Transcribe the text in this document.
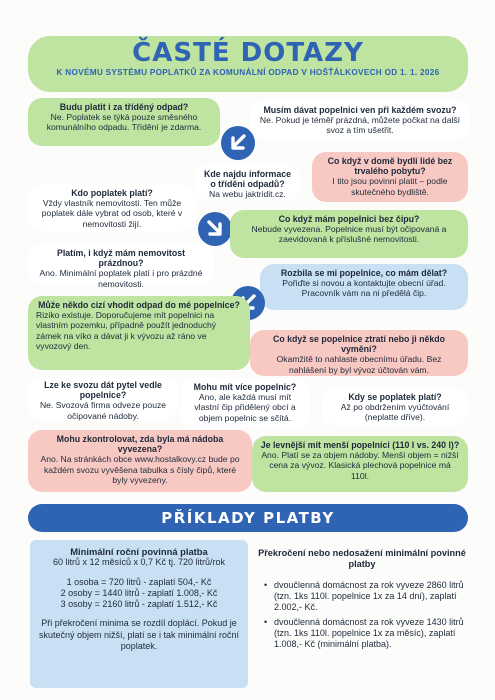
ČASTÉ DOTAZY
K NOVÉMU SYSTÉMU POPLATKŮ ZA KOMUNÁLNÍ ODPAD V HOŠŤÁLKOVECH OD 1. 1. 2026
Budu platit i za tříděný odpad?
Ne. Poplatek se týká pouze směsného komunálního odpadu. Třídění je zdarma.
Musím dávat popelnici ven při každém svozu?
Ne. Pokud je téměř prázdná, můžete počkat na další svoz a tím ušetřit.
Kde najdu informace o tříděni odpadů?
Na webu jaktridit.cz.
Co když v domě bydlí lidé bez trvalého pobytu?
I tito jsou povinni platit – podle skutečného bydliště.
Kdo poplatek platí?
Vždy vlastník nemovitosti. Ten může poplatek dále vybrat od osob, které v nemovitosti žijí.	Co když mám popelnici bez čipu?
Nebude vyvezena. Popelnice musí být očipovaná a zaevidovaná k příslušné nemovitosti.
Platím, i když mám nemovitost prázdnou?
Ano. Minimální poplatek platí i pro prázdné nemovitosti.
Rozbila se mi popelnice, co mám dělat?
Pořiďte si novou a kontaktujte obecní úřad. Pracovník vám na ni předělá čip.
Může někdo cizí vhodit odpad do mé popelnice?
Riziko existuje. Doporučujeme mít popelnici na vlastním pozemku, případně použít jednoduchý zámek na víko a dávat ji k vývozu až ráno ve vyvozový den.
Co když se popelnice ztratí nebo ji někdo vymění?
Okamžitě to nahlaste obecnímu úřadu. Bez nahlášení by byl vývoz účtován vám.
Lze ke svozu dát pytel vedle popelnice?
Ne. Svozová firma odveze pouze očipované nádoby.
Mohu mít více popelnic?
Ano, ale každá musí mít vlastní čip přidělený obcí a objem popelnic se sčítá.
Kdy se poplatek platí?
Až po obdržením vyúčtování (neplatte dříve).
Mohu zkontrolovat, zda byla má nádoba vyvezena?
Ano. Na stránkách obce www.hostalkovy.cz bude po každém svozu vyvěšena tabulka s čísly čipů, které byly vyvezeny.
Je levnější mít menší popelnici (110 l vs. 240 l)?
Ano. Platí se za objem nádoby. Menší objem = nižší cena za vývoz. Klasická plechová popelnice má 110l.
PŘÍKLADY PLATBY
Minimální roční povinná platba
60 litrů x 12 měsíců x 0,7 Kč tj. 720 litrů/rok
1 osoba = 720 litrů - zaplatí 504,- Kč
2 osoby = 1440 litrů - zaplatí 1.008,- Kč
3 osoby = 2160 litrů - zaplatí 1.512,- Kč
Při překročení minima se rozdíl doplácí. Pokud je skutečný objem nižší, platí se i tak minimální roční poplatek.
Překročení nebo nedosažení minimální povinné platby
• dvoučlenná domácnost za rok vyveze 2860 litrů (tzn. 1ks 110l. popelnice 1x za 14 dní), zaplatí 2.002,- Kč.
• dvoučlenná domácnost za rok vyveze 1430 litrů (tzn. 1ks 110l. popelnice 1x za měsíc), zaplatí 1.008,- Kč (minimální platba).
